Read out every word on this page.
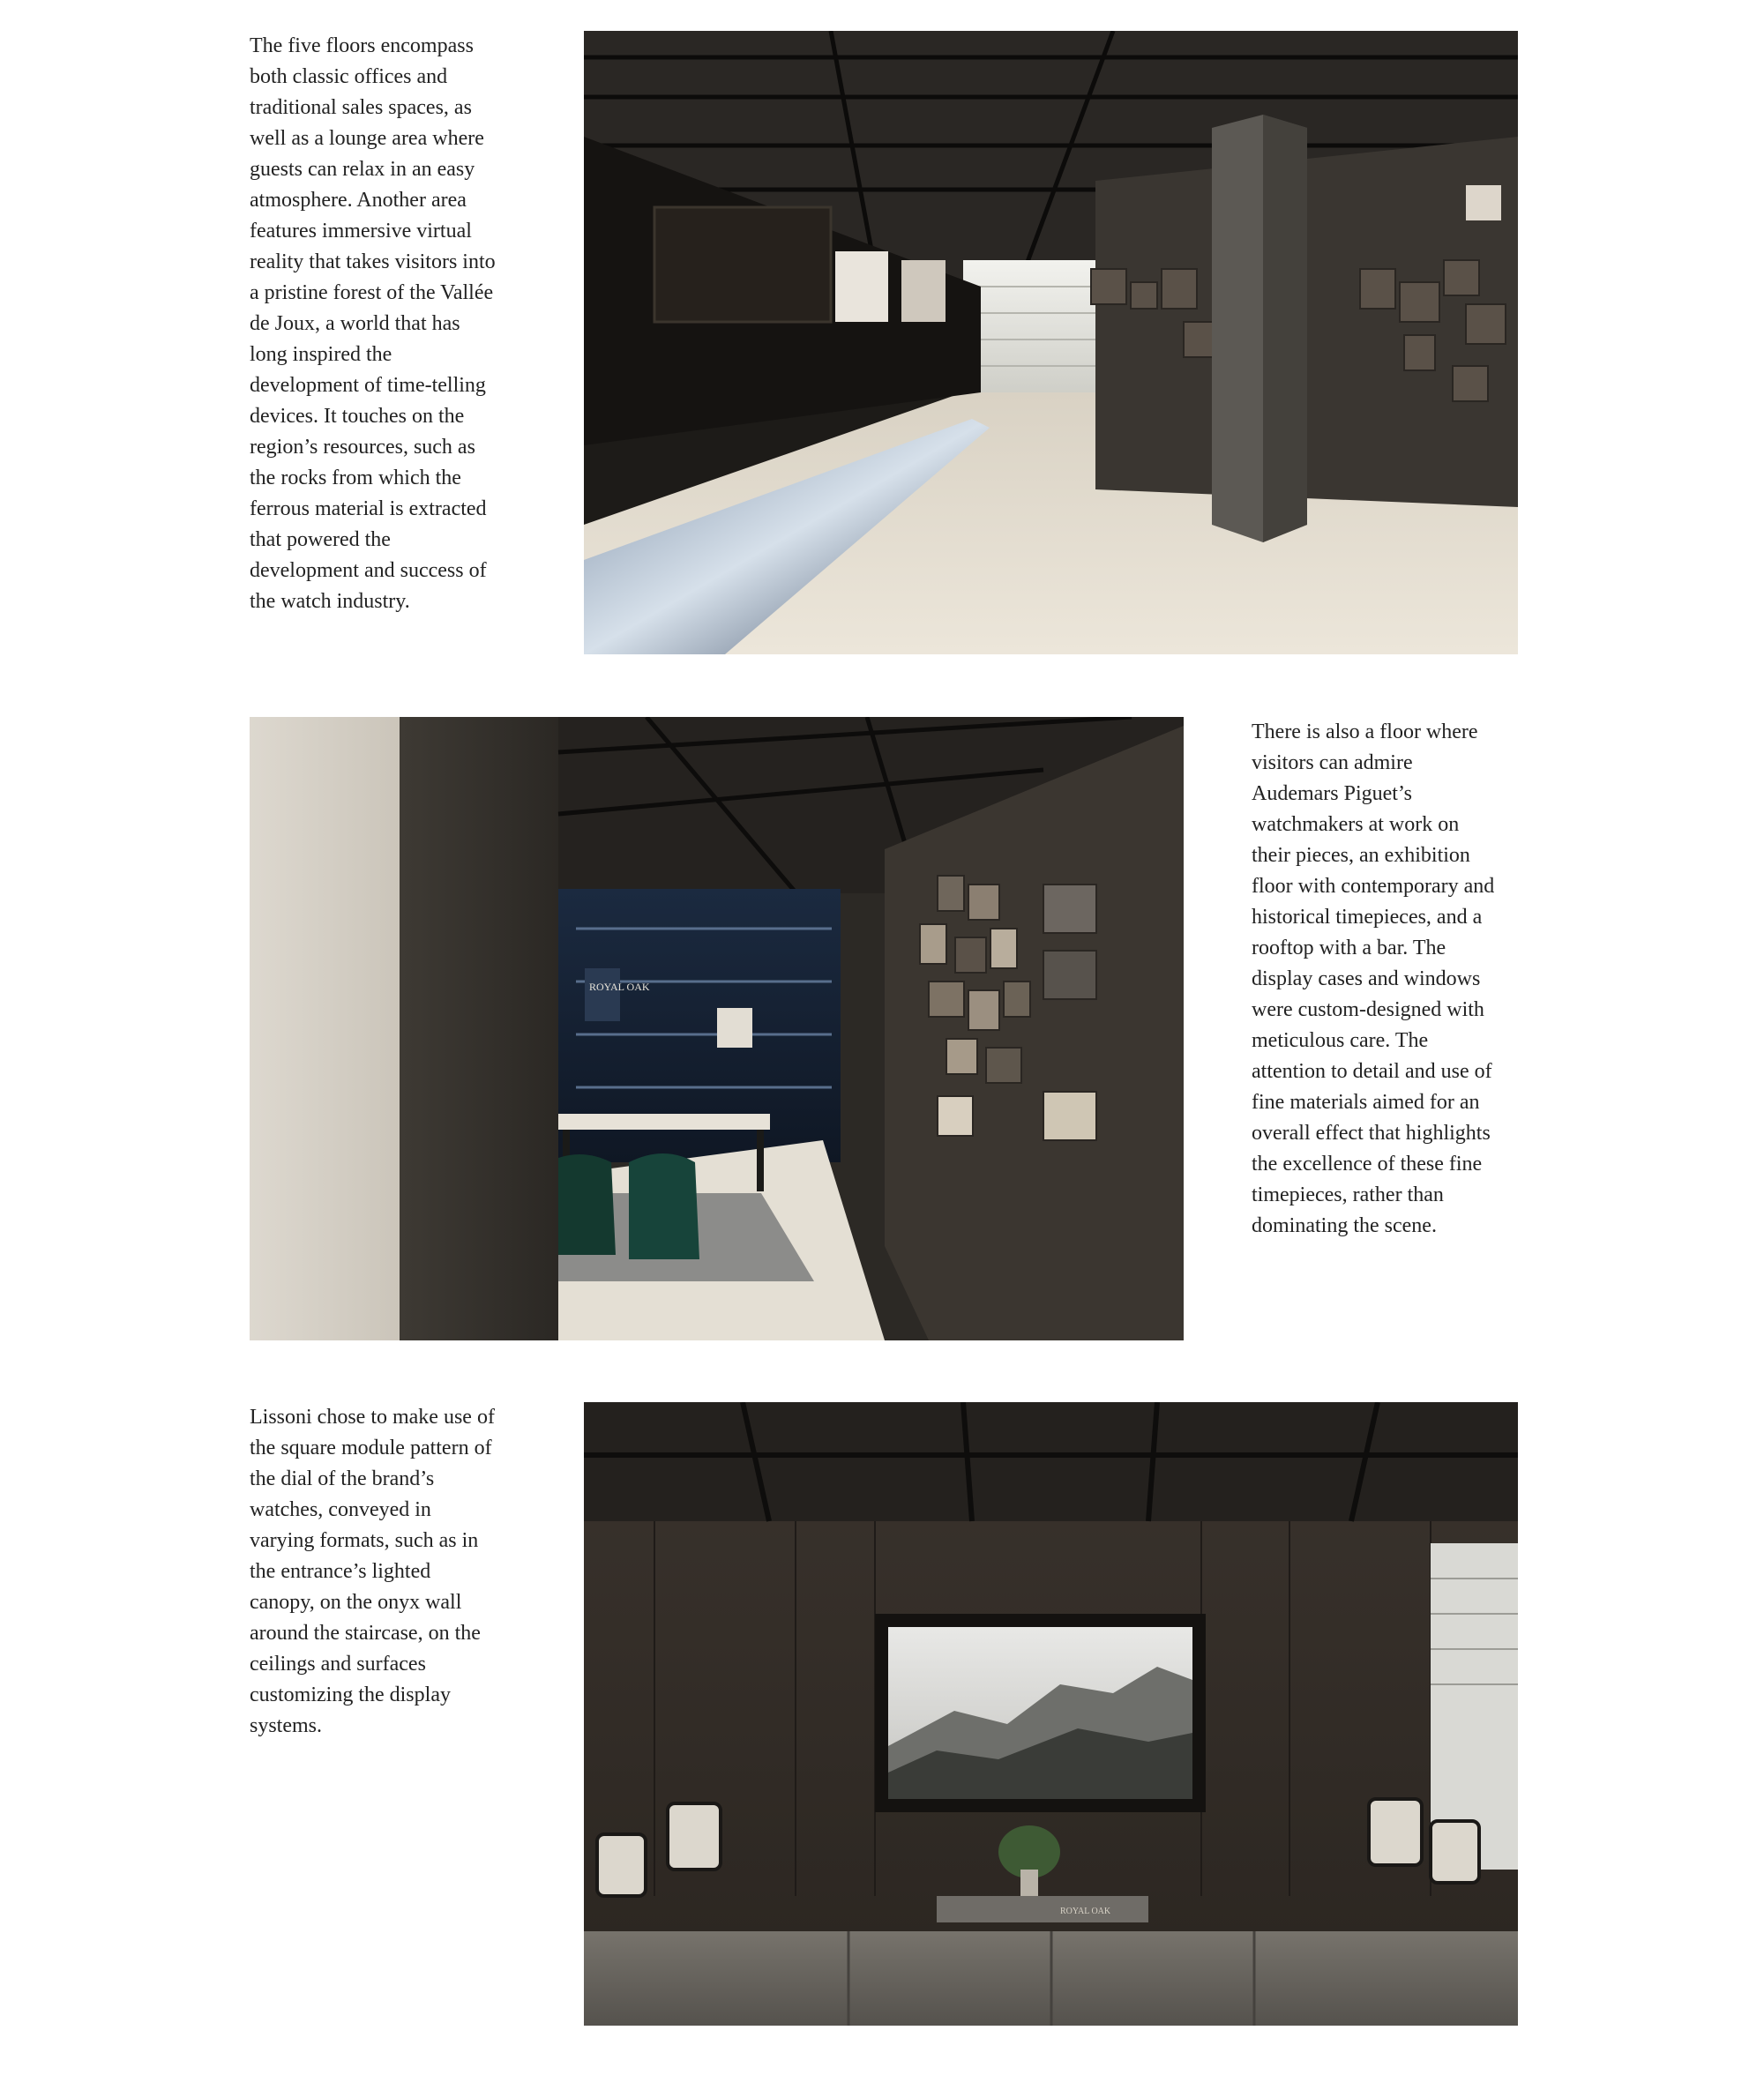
The five floors encompass
both classic offices and
traditional sales spaces, as
well as a lounge area where
guests can relax in an easy
atmosphere. Another area
features immersive virtual
reality that takes visitors into
a pristine forest of the Vallée
de Joux, a world that has
long inspired the
development of time-telling
devices. It touches on the
region’s resources, such as
the rocks from which the
ferrous material is extracted
that powered the
development and success of
the watch industry.

ROYAL OAK

There is also a floor where
visitors can admire
Audemars Piguet’s
watchmakers at work on
their pieces, an exhibition
floor with contemporary and
historical timepieces, and a
rooftop with a bar. The
display cases and windows
were custom-designed with
meticulous care. The
attention to detail and use of
fine materials aimed for an
overall effect that highlights
the excellence of these fine
timepieces, rather than
dominating the scene.

Lissoni chose to make use of
the square module pattern of
the dial of the brand’s
watches, conveyed in
varying formats, such as in
the entrance’s lighted
canopy, on the onyx wall
around the staircase, on the
ceilings and surfaces
customizing the display
systems.

ROYAL OAK
